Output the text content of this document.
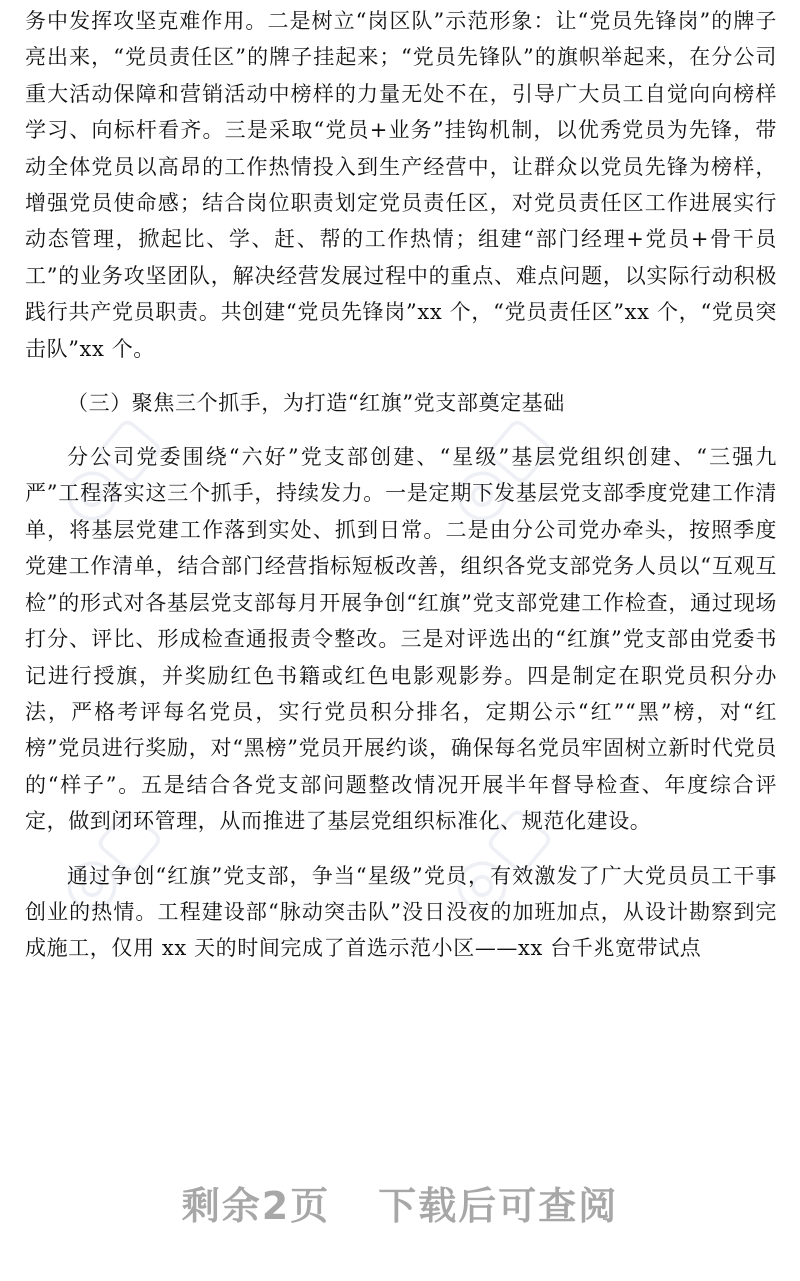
◎▢	◎▢
◎▢	◎▢

务中发挥攻坚克难作用。二是树立“岗区队”示范形象：让“党员先锋岗”的牌子亮出来，“党员责任区”的牌子挂起来；“党员先锋队”的旗帜举起来，在分公司重大活动保障和营销活动中榜样的力量无处不在，引导广大员工自觉向向榜样学习、向标杆看齐。三是采取“党员+业务”挂钩机制，以优秀党员为先锋，带动全体党员以高昂的工作热情投入到生产经营中，让群众以党员先锋为榜样，增强党员使命感；结合岗位职责划定党员责任区，对党员责任区工作进展实行动态管理，掀起比、学、赶、帮的工作热情；组建“部门经理+党员+骨干员工”的业务攻坚团队，解决经营发展过程中的重点、难点问题，以实际行动积极践行共产党员职责。共创建“党员先锋岗”xx 个，“党员责任区”xx 个，“党员突击队”xx 个。

（三）聚焦三个抓手，为打造“红旗”党支部奠定基础

分公司党委围绕“六好”党支部创建、“星级”基层党组织创建、“三强九严”工程落实这三个抓手，持续发力。一是定期下发基层党支部季度党建工作清单，将基层党建工作落到实处、抓到日常。二是由分公司党办牵头，按照季度党建工作清单，结合部门经营指标短板改善，组织各党支部党务人员以“互观互检”的形式对各基层党支部每月开展争创“红旗”党支部党建工作检查，通过现场打分、评比、形成检查通报责令整改。三是对评选出的“红旗”党支部由党委书记进行授旗，并奖励红色书籍或红色电影观影券。四是制定在职党员积分办法，严格考评每名党员，实行党员积分排名，定期公示“红”“黑”榜，对“红榜”党员进行奖励，对“黑榜”党员开展约谈，确保每名党员牢固树立新时代党员的“样子”。五是结合各党支部问题整改情况开展半年督导检查、年度综合评定，做到闭环管理，从而推进了基层党组织标准化、规范化建设。

通过争创“红旗”党支部，争当“星级”党员，有效激发了广大党员员工干事创业的热情。工程建设部“脉动突击队”没日没夜的加班加点，从设计勘察到完成施工，仅用 xx 天的时间完成了首选示范小区——xx 台千兆宽带试点

剩余2页 下载后可查阅
